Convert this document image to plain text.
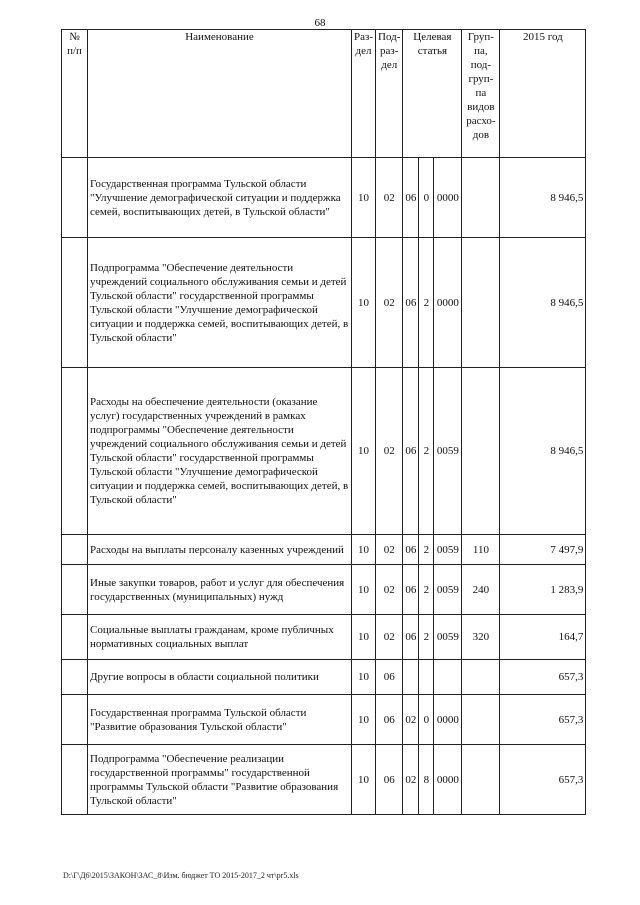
68
№ п/п	Наименование	Раз- дел	Под- раз- дел	Целевая статья			Груп- па, под- груп- па видов расхо- дов	2015 год
	Государственная программа Тульской области "Улучшение демографической ситуации и поддержка семей, воспитывающих детей, в Тульской области"	10	02	06	0	0000		8 946,5
	Подпрограмма "Обеспечение деятельности учреждений социального обслуживания семьи и детей Тульской области" государственной программы Тульской области "Улучшение демографической ситуации и поддержка семей, воспитывающих детей, в Тульской области"	10	02	06	2	0000		8 946,5
	Расходы на обеспечение деятельности (оказание услуг) государственных учреждений в рамках подпрограммы "Обеспечение деятельности учреждений социального обслуживания семьи и детей Тульской области" государственной программы Тульской области "Улучшение демографической ситуации и поддержка семей, воспитывающих детей, в Тульской области"	10	02	06	2	0059		8 946,5
	Расходы на выплаты персоналу казенных учреждений	10	02	06	2	0059	110	7 497,9
	Иные закупки товаров, работ и услуг для обеспечения государственных (муниципальных) нужд	10	02	06	2	0059	240	1 283,9
	Социальные выплаты гражданам, кроме публичных нормативных социальных выплат	10	02	06	2	0059	320	164,7
	Другие вопросы в области социальной политики	10	06					657,3
	Государственная программа Тульской области "Развитие образования Тульской области"	10	06	02	0	0000		657,3
	Подпрограмма "Обеспечение реализации государственной программы" государственной программы Тульской области "Развитие образования Тульской области"	10	06	02	8	0000		657,3
D:\Г\Д6\2015\ЗАКОН\ЗАС_8\Изм. бюджет ТО 2015-2017_2 чт\pr5.xls
